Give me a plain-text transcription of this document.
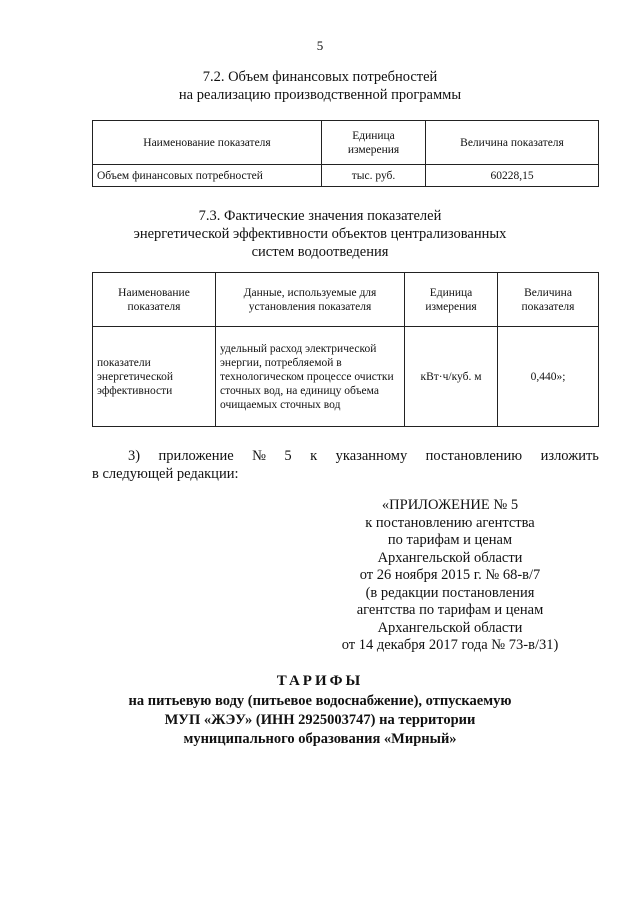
5
7.2. Объем финансовых потребностей
на реализацию производственной программы
Наименование показателя	Единица измерения	Величина показателя
Объем финансовых потребностей	тыс. руб.	60228,15
7.3. Фактические значения показателей
энергетической эффективности объектов централизованных
систем водоотведения
Наименование показателя	Данные, используемые для установления показателя	Единица измерения	Величина показателя
показатели энергетической эффективности	удельный расход электрической энергии, потребляемой в технологическом процессе очистки сточных вод, на единицу объема очищаемых сточных вод	кВт·ч/куб. м	0,440»;
3) приложение № 5 к указанному постановлению изложить
в следующей редакции:
«ПРИЛОЖЕНИЕ № 5
к постановлению агентства
по тарифам и ценам
Архангельской области
от 26 ноября 2015 г. № 68-в/7
(в редакции постановления
агентства по тарифам и ценам
Архангельской области
от 14 декабря 2017 года № 73-в/31)
ТАРИФЫ
на питьевую воду (питьевое водоснабжение), отпускаемую
МУП «ЖЭУ» (ИНН 2925003747) на территории
муниципального образования «Мирный»
